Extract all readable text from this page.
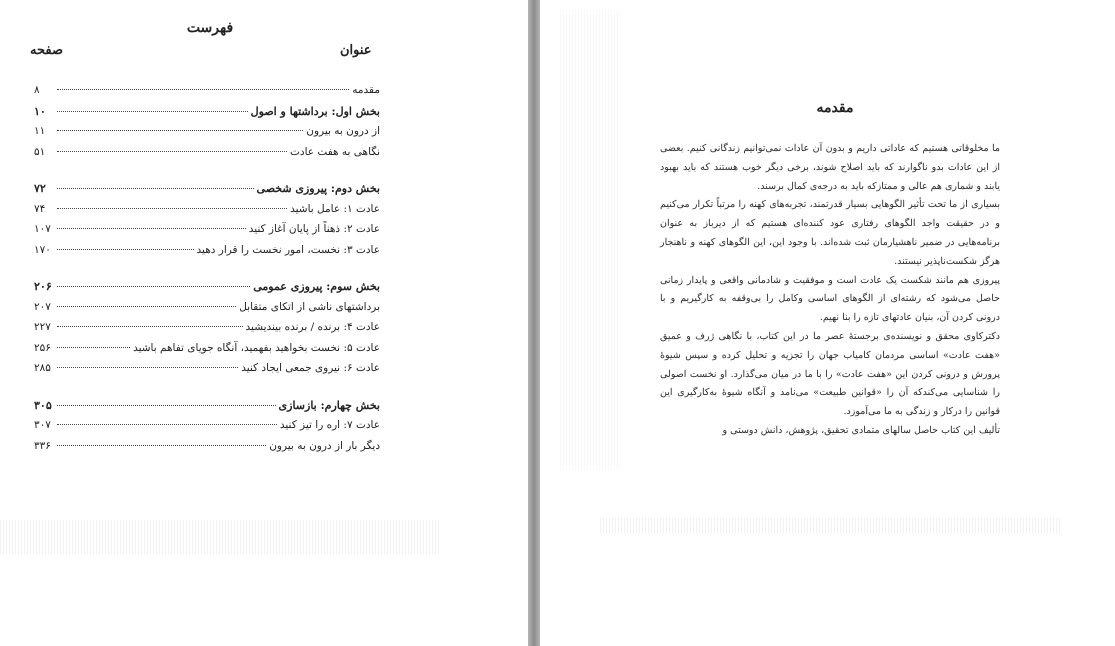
فهرست
عنوان
صفحه
مقدمه
۸
بخش اول: برداشتها و اصول
۱۰
از درون به بیرون
۱۱
نگاهی به هفت عادت
۵۱
بخش دوم: پیروزی شخصی
۷۲
عادت ۱: عامل باشید
۷۴
عادت ۲: ذهناً از پایان آغاز کنید
۱۰۷
عادت ۳: نخست، امور نخست را قرار دهید
۱۷۰
بخش سوم: پیروزی عمومی
۲۰۶
برداشتهای ناشی از اتکای متقابل
۲۰۷
عادت ۴: برنده / برنده بیندیشید
۲۲۷
عادت ۵: نخست بخواهید بفهمید، آنگاه جویای تفاهم باشید
۲۵۶
عادت ۶: نیروی جمعی ایجاد کنید
۲۸۵
بخش چهارم: بازسازی
۳۰۵
عادت ۷: اره را تیز کنید
۳۰۷
دیگر بار از درون به بیرون
۳۳۶
مقدمه

ما مخلوقاتی هستیم که عاداتی داریم و بدون آن عادات نمی‌توانیم زندگانی کنیم. بعضی از این عادات بدو ناگوارند که باید اصلاح شوند، برخی دیگر خوب هستند که باید بهبود یابند و شماری هم عالی و ممتازکه باید به درجه‌ی کمال برسند.

بسیاری از ما تحت تأثیر الگوهایی بسیار قدرتمند، تجربه‌های کهنه را مرتباً تکرار می‌کنیم و در حقیقت واجد الگوهای رفتاری عود کننده‌ای هستیم که از دیرباز به عنوان برنامه‌هایی در ضمیر ناهشیارمان ثبت شده‌اند. با وجود این، این الگوهای کهنه و ناهنجار هرگز شکست‌ناپذیر نیستند.

پیروزی هم مانند شکست یک عادت است و موفقیت و شادمانی واقعی و پایدار زمانی حاصل می‌شود که رشته‌ای از الگوهای اساسی وکامل را بی‌وقفه به کارگیریم و با درونی کردن آن، بنیان عادتهای تازه را بنا نهیم.

دکترکاوی محقق و نویسنده‌ی برجسته‌ٔ عصر ما در این کتاب، با نگاهی ژرف و عمیق «هفت عادت» اساسی مردمان کامیاب جهان را تجزیه و تحلیل کرده و سپس شیوهٔ پرورش و درونی کردن این «هفت عادت» را با ما در میان می‌گذارد. او نخست اصولی را شناسایی می‌کندکه آن را «قوانین طبیعت» می‌نامد و آنگاه شیوهٔ به‌کارگیری این قوانین را درکار و زندگی به ما می‌آموزد.

تألیف این کتاب حاصل سالهای متمادی تحقیق، پژوهش، دانش دوستی و
